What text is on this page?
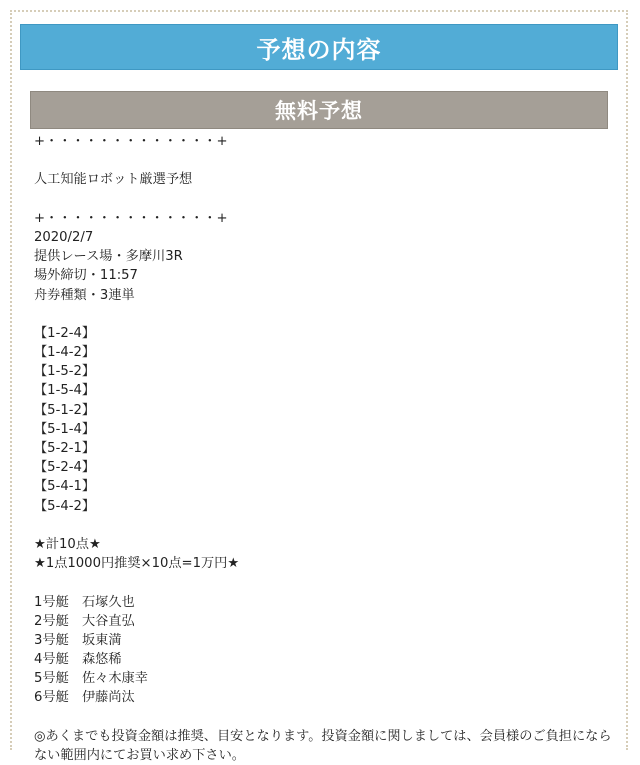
予想の内容
無料予想
+・・・・・・・・・・・・・+
人工知能ロボット厳選予想
+・・・・・・・・・・・・・+
2020/2/7
提供レース場・多摩川3R
場外締切・11:57
舟券種類・3連単
【1-2-4】
【1-4-2】
【1-5-2】
【1-5-4】
【5-1-2】
【5-1-4】
【5-2-1】
【5-2-4】
【5-4-1】
【5-4-2】
★計10点★
★1点1000円推奨×10点=1万円★
1号艇　石塚久也
2号艇　大谷直弘
3号艇　坂東満
4号艇　森悠稀
5号艇　佐々木康幸
6号艇　伊藤尚汰
◎あくまでも投資金額は推奨、目安となります。投資金額に関しましては、会員様のご負担にならない範囲内にてお買い求め下さい。
